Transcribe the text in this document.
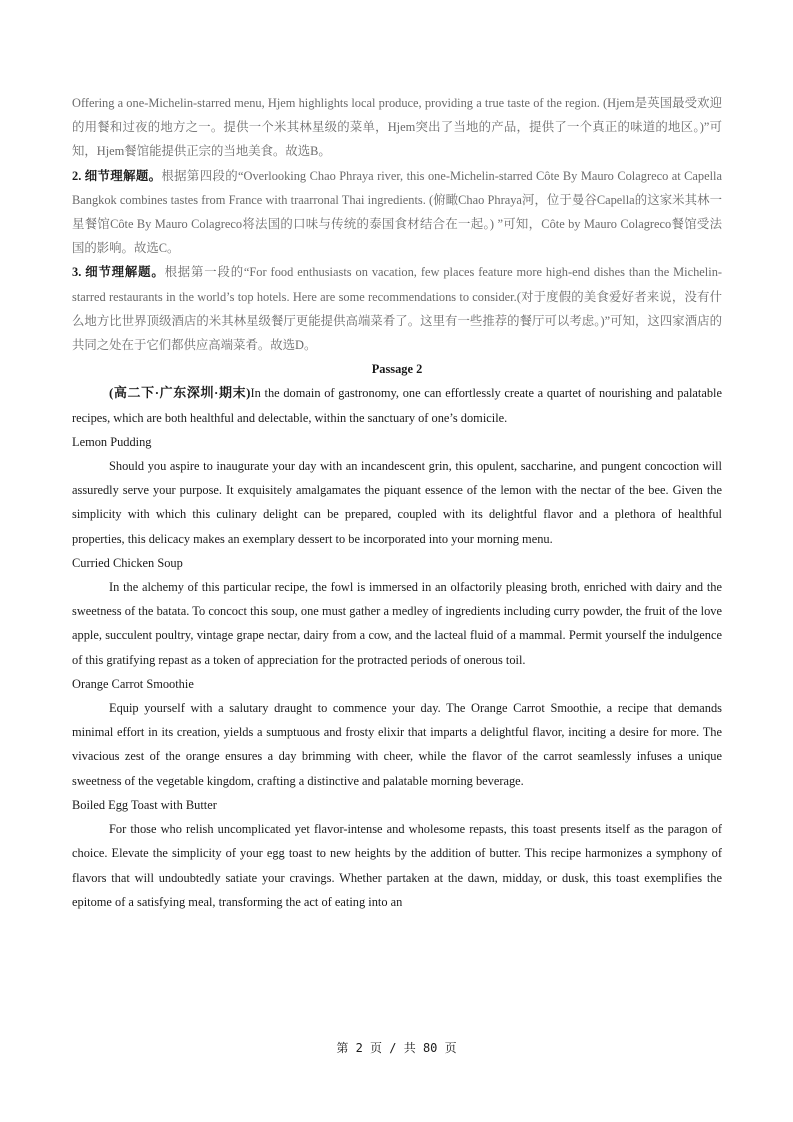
Offering a one-Michelin-starred menu, Hjem highlights local produce, providing a true taste of the region. (Hjem是英国最受欢迎的用餐和过夜的地方之一。提供一个米其林星级的菜单，Hjem突出了当地的产品，提供了一个真正的味道的地区。)”可知，Hjem餐馆能提供正宗的当地美食。故选B。

2. 细节理解题。根据第四段的“Overlooking Chao Phraya river, this one-Michelin-starred Côte By Mauro Colagreco at Capella Bangkok combines tastes from France with traarronal Thai ingredients. (俯瞰Chao Phraya河，位于曼谷Capella的这家米其林一星餐馆Côte By Mauro Colagreco将法国的口味与传统的泰国食材结合在一起。) ”可知，Côte by Mauro Colagreco餐馆受法国的影响。故选C。

3. 细节理解题。根据第一段的“For food enthusiasts on vacation, few places feature more high-end dishes than the Michelin-starred restaurants in the world’s top hotels. Here are some recommendations to consider.(对于度假的美食爱好者来说，没有什么地方比世界顶级酒店的米其林星级餐厅更能提供高端菜肴了。这里有一些推荐的餐厅可以考虑。)”可知，这四家酒店的共同之处在于它们都供应高端菜肴。故选D。

Passage 2

(高二下·广东深圳·期末)In the domain of gastronomy, one can effortlessly create a quartet of nourishing and palatable recipes, which are both healthful and delectable, within the sanctuary of one’s domicile.

Lemon Pudding

Should you aspire to inaugurate your day with an incandescent grin, this opulent, saccharine, and pungent concoction will assuredly serve your purpose. It exquisitely amalgamates the piquant essence of the lemon with the nectar of the bee. Given the simplicity with which this culinary delight can be prepared, coupled with its delightful flavor and a plethora of healthful properties, this delicacy makes an exemplary dessert to be incorporated into your morning menu.

Curried Chicken Soup

In the alchemy of this particular recipe, the fowl is immersed in an olfactorily pleasing broth, enriched with dairy and the sweetness of the batata. To concoct this soup, one must gather a medley of ingredients including curry powder, the fruit of the love apple, succulent poultry, vintage grape nectar, dairy from a cow, and the lacteal fluid of a mammal. Permit yourself the indulgence of this gratifying repast as a token of appreciation for the protracted periods of onerous toil.

Orange Carrot Smoothie

Equip yourself with a salutary draught to commence your day. The Orange Carrot Smoothie, a recipe that demands minimal effort in its creation, yields a sumptuous and frosty elixir that imparts a delightful flavor, inciting a desire for more. The vivacious zest of the orange ensures a day brimming with cheer, while the flavor of the carrot seamlessly infuses a unique sweetness of the vegetable kingdom, crafting a distinctive and palatable morning beverage.

Boiled Egg Toast with Butter

For those who relish uncomplicated yet flavor-intense and wholesome repasts, this toast presents itself as the paragon of choice. Elevate the simplicity of your egg toast to new heights by the addition of butter. This recipe harmonizes a symphony of flavors that will undoubtedly satiate your cravings. Whether partaken at the dawn, midday, or dusk, this toast exemplifies the epitome of a satisfying meal, transforming the act of eating into an

第 2 页 / 共 80 页
